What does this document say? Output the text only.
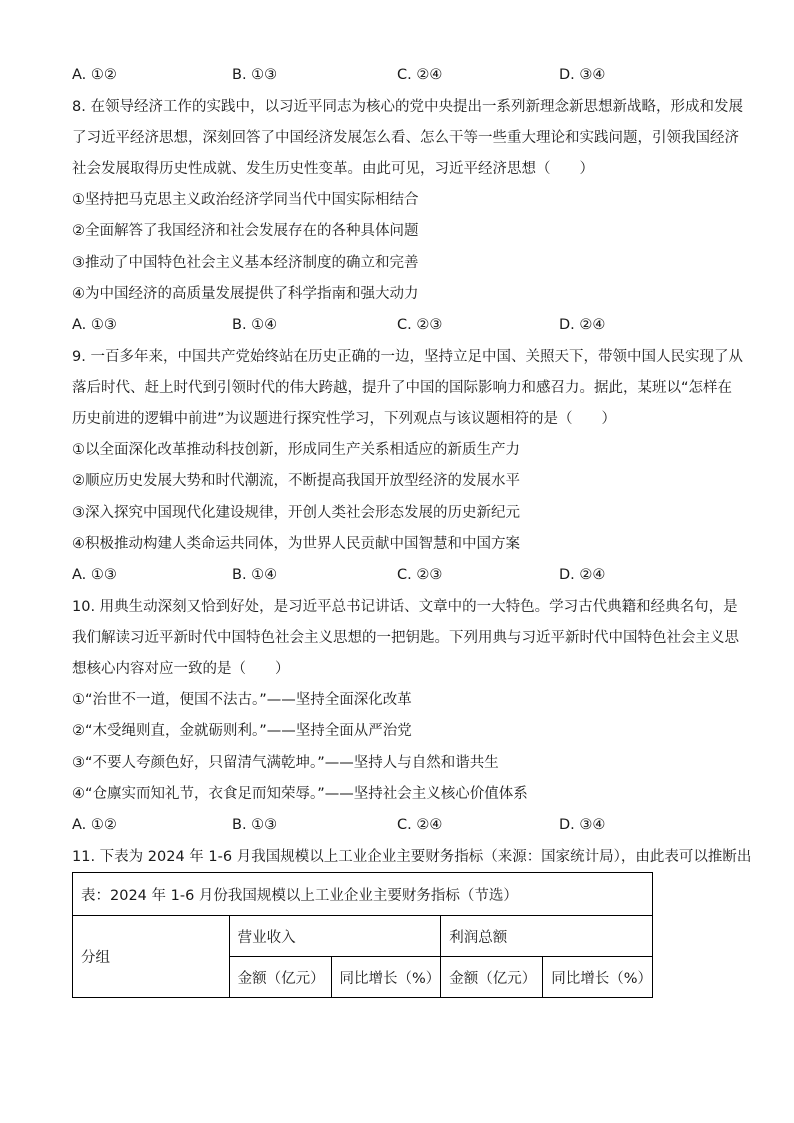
A. ①②	B. ①③	C. ②④	D. ③④
8. 在领导经济工作的实践中，以习近平同志为核心的党中央提出一系列新理念新思想新战略，形成和发展
了习近平经济思想，深刻回答了中国经济发展怎么看、怎么干等一些重大理论和实践问题，引领我国经济
社会发展取得历史性成就、发生历史性变革。由此可见，习近平经济思想（　　）
①坚持把马克思主义政治经济学同当代中国实际相结合
②全面解答了我国经济和社会发展存在的各种具体问题
③推动了中国特色社会主义基本经济制度的确立和完善
④为中国经济的高质量发展提供了科学指南和强大动力
A. ①③	B. ①④	C. ②③	D. ②④
9. 一百多年来，中国共产党始终站在历史正确的一边，坚持立足中国、关照天下，带领中国人民实现了从
落后时代、赶上时代到引领时代的伟大跨越，提升了中国的国际影响力和感召力。据此，某班以“怎样在
历史前进的逻辑中前进”为议题进行探究性学习，下列观点与该议题相符的是（　　）
①以全面深化改革推动科技创新，形成同生产关系相适应的新质生产力
②顺应历史发展大势和时代潮流，不断提高我国开放型经济的发展水平
③深入探究中国现代化建设规律，开创人类社会形态发展的历史新纪元
④积极推动构建人类命运共同体，为世界人民贡献中国智慧和中国方案
A. ①③	B. ①④	C. ②③	D. ②④
10. 用典生动深刻又恰到好处，是习近平总书记讲话、文章中的一大特色。学习古代典籍和经典名句，是
我们解读习近平新时代中国特色社会主义思想的一把钥匙。下列用典与习近平新时代中国特色社会主义思
想核心内容对应一致的是（　　）
①“治世不一道，便国不法古。”——坚持全面深化改革
②“木受绳则直，金就砺则利。”——坚持全面从严治党
③“不要人夸颜色好，只留清气满乾坤。”——坚持人与自然和谐共生
④“仓廪实而知礼节，衣食足而知荣辱。”——坚持社会主义核心价值体系
A. ①②	B. ①③	C. ②④	D. ③④
11. 下表为 2024 年 1-6 月我国规模以上工业企业主要财务指标（来源：国家统计局），由此表可以推断出
表：2024 年 1-6 月份我国规模以上工业企业主要财务指标（节选）				
分组	营业收入		利润总额	
	金额（亿元）	同比增长（%）	金额（亿元）	同比增长（%）
